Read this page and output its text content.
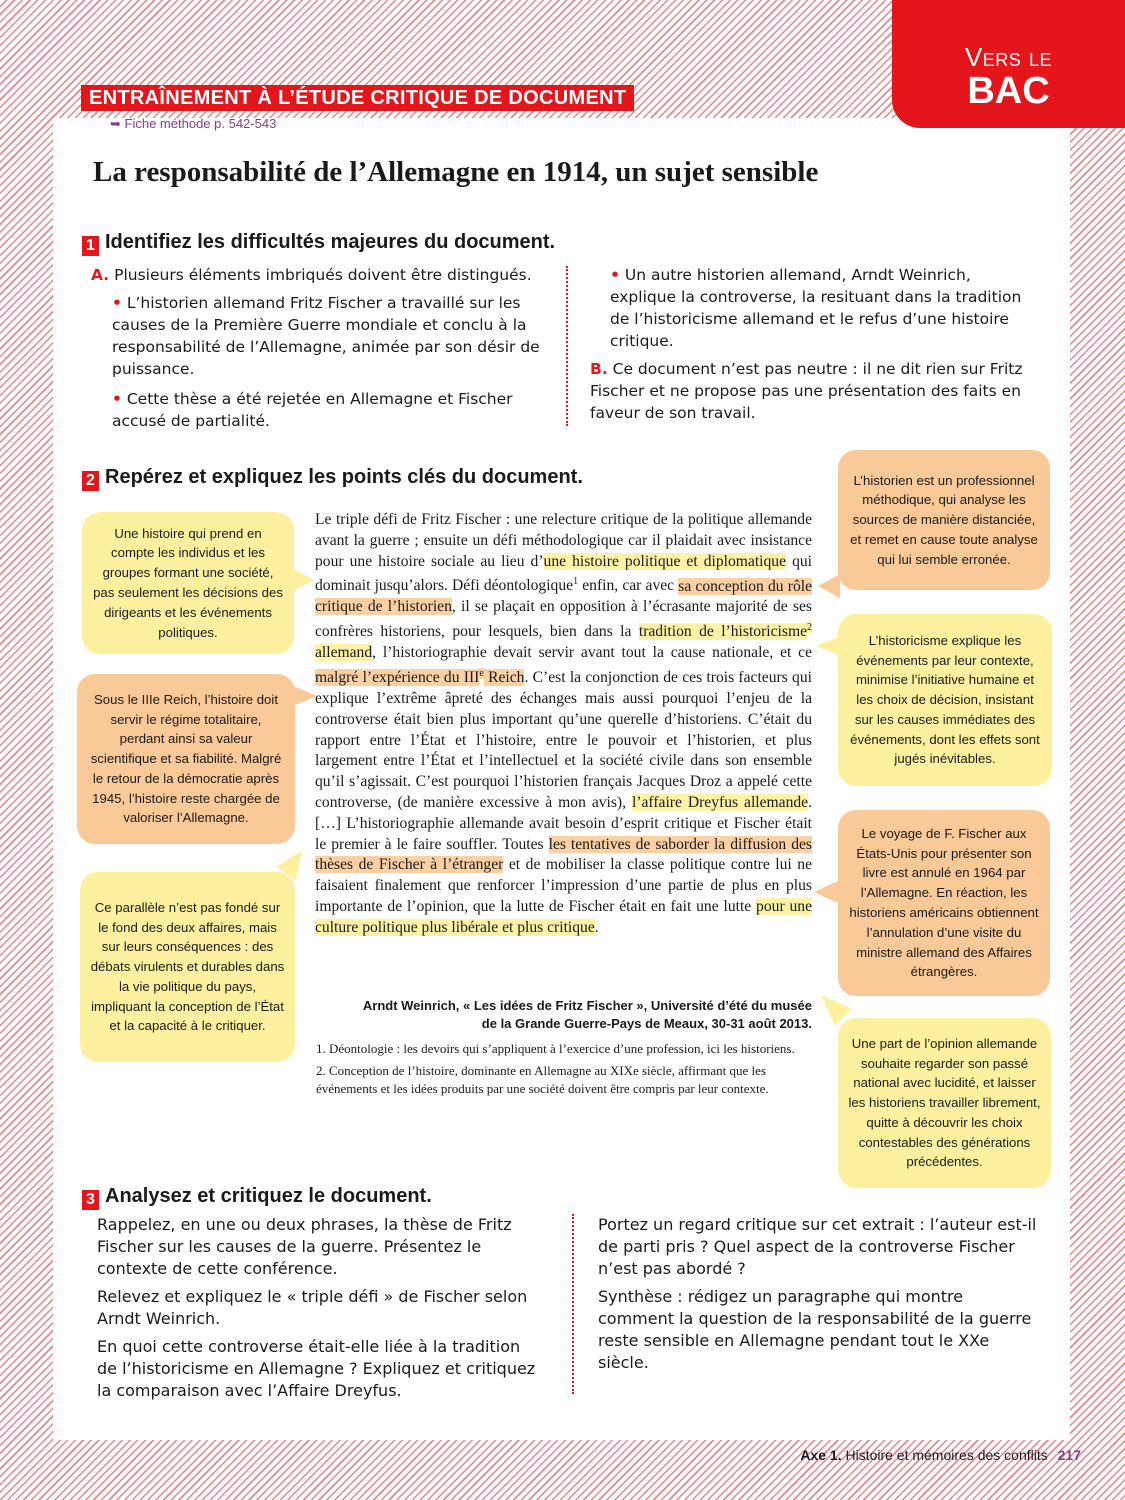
Vers le
BAC
ENTRAÎNEMENT À L’ÉTUDE CRITIQUE DE DOCUMENT
➥ Fiche méthode p. 542-543
La responsabilité de l’Allemagne en 1914, un sujet sensible
1 Identifiez les difficultés majeures du document.
A. Plusieurs éléments imbriqués doivent être distingués.
• L’historien allemand Fritz Fischer a travaillé sur les causes de la Première Guerre mondiale et conclu à la responsabilité de l’Allemagne, animée par son désir de puissance.
• Cette thèse a été rejetée en Allemagne et Fischer accusé de partialité.
• Un autre historien allemand, Arndt Weinrich, explique la controverse, la resituant dans la tradition de l’historicisme allemand et le refus d’une histoire critique.
B. Ce document n’est pas neutre : il ne dit rien sur Fritz Fischer et ne propose pas une présentation des faits en faveur de son travail.
2 Repérez et expliquez les points clés du document.
Le triple défi de Fritz Fischer : une relecture critique de la politique allemande avant la guerre ; ensuite un défi méthodologique car il plaidait avec insistance pour une histoire sociale au lieu d’une histoire politique et diplomatique qui dominait jusqu’alors. Défi déontologique$^1$ enfin, car avec sa conception du rôle critique de l’historien, il se plaçait en opposition à l’écrasante majorité de ses confrères historiens, pour lesquels, bien dans la tradition de l’historicisme$^2$ allemand, l’historiographie devait servir avant tout la cause nationale, et ce malgré l’expérience du IIIe Reich. C’est la conjonction de ces trois facteurs qui explique l’extrême âpreté des échanges mais aussi pourquoi l’enjeu de la controverse était bien plus important qu’une querelle d’historiens. C’était du rapport entre l’État et l’histoire, entre le pouvoir et l’historien, et plus largement entre l’État et l’intellectuel et la société civile dans son ensemble qu’il s’agissait. C’est pourquoi l’historien français Jacques Droz a appelé cette controverse, (de manière excessive à mon avis), l’affaire Dreyfus allemande. […] L’historiographie allemande avait besoin d’esprit critique et Fischer était le premier à le faire souffler. Toutes les tentatives de saborder la diffusion des thèses de Fischer à l’étranger et de mobiliser la classe politique contre lui ne faisaient finalement que renforcer l’impression d’une partie de plus en plus importante de l’opinion, que la lutte de Fischer était en fait une lutte pour une culture politique plus libérale et plus critique.
Arndt Weinrich, « Les idées de Fritz Fischer », Université d’été du musée
de la Grande Guerre-Pays de Meaux, 30-31 août 2013.

1. Déontologie : les devoirs qui s’appliquent à l’exercice d’une profession, ici les historiens.

2. Conception de l’histoire, dominante en Allemagne au XIXe siècle, affirmant que les événements et les idées produits par une société doivent être compris par leur contexte.

Une histoire qui prend en compte les individus et les groupes formant une société, pas seulement les décisions des dirigeants et les événements politiques.
Sous le IIIe Reich, l’histoire doit servir le régime totalitaire, perdant ainsi sa valeur scientifique et sa fiabilité. Malgré le retour de la démocratie après 1945, l’histoire reste chargée de valoriser l’Allemagne.
Ce parallèle n’est pas fondé sur le fond des deux affaires, mais sur leurs conséquences : des débats virulents et durables dans la vie politique du pays, impliquant la conception de l’État et la capacité à le critiquer.
L’historien est un professionnel méthodique, qui analyse les sources de manière distanciée, et remet en cause toute analyse qui lui semble erronée.
L’historicisme explique les événements par leur contexte, minimise l’initiative humaine et les choix de décision, insistant sur les causes immédiates des événements, dont les effets sont jugés inévitables.
Le voyage de F. Fischer aux États-Unis pour présenter son livre est annulé en 1964 par l’Allemagne. En réaction, les historiens américains obtiennent l’annulation d’une visite du ministre allemand des Affaires étrangères.
Une part de l’opinion allemande souhaite regarder son passé national avec lucidité, et laisser les historiens travailler librement, quitte à découvrir les choix contestables des générations précédentes.
3 Analysez et critiquez le document.

Rappelez, en une ou deux phrases, la thèse de Fritz Fischer sur les causes de la guerre. Présentez le contexte de cette conférence.

Relevez et expliquez le « triple défi » de Fischer selon Arndt Weinrich.

En quoi cette controverse était-elle liée à la tradition de l’historicisme en Allemagne ? Expliquez et critiquez la comparaison avec l’Affaire Dreyfus.

Portez un regard critique sur cet extrait : l’auteur est-il de parti pris ? Quel aspect de la controverse Fischer n’est pas abordé ?

Synthèse : rédigez un paragraphe qui montre comment la question de la responsabilité de la guerre reste sensible en Allemagne pendant tout le XXe siècle.

Axe 1. Histoire et mémoires des conflits 217
